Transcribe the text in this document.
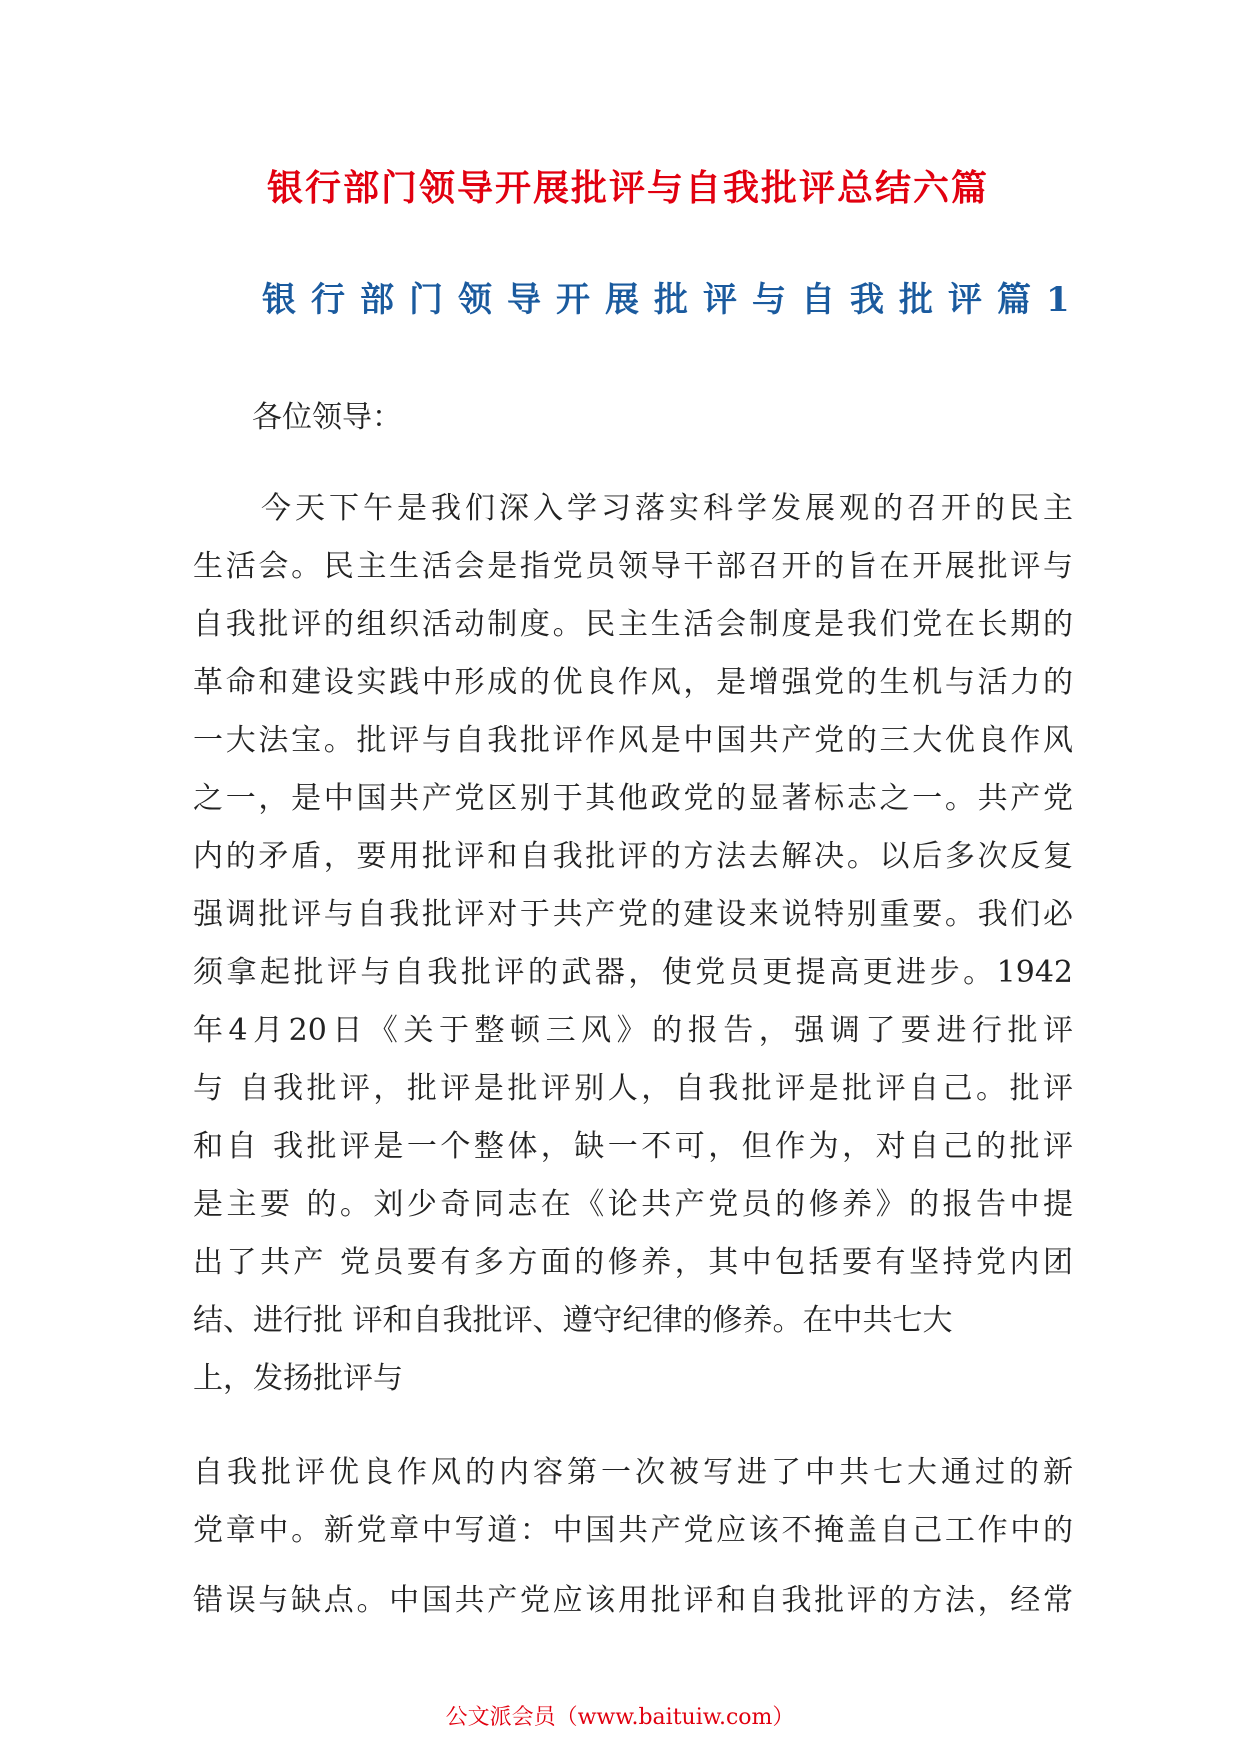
银行部门领导开展批评与自我批评总结六篇
银行部门领导开展批评与自我批评篇1

各位领导：

　　今天下午是我们深入学习落实科学发展观的召开的民主
生活会。民主生活会是指党员领导干部召开的旨在开展批评与
自我批评的组织活动制度。民主生活会制度是我们党在长期的
革命和建设实践中形成的优良作风，是增强党的生机与活力的
一大法宝。批评与自我批评作风是中国共产党的三大优良作风
之一，是中国共产党区别于其他政党的显著标志之一。共产党
内的矛盾，要用批评和自我批评的方法去解决。以后多次反复
强调批评与自我批评对于共产党的建设来说特别重要。我们必
须拿起批评与自我批评的武器，使党员更提高更进步。1942
年4月20日《关于整顿三风》的报告，强调了要进行批评
与 自我批评，批评是批评别人，自我批评是批评自己。批评
和自 我批评是一个整体，缺一不可，但作为，对自己的批评
是主要 的。刘少奇同志在《论共产党员的修养》的报告中提
出了共产 党员要有多方面的修养，其中包括要有坚持党内团
结、进行批 评和自我批评、遵守纪律的修养。在中共七大
上，发扬批评与
自我批评优良作风的内容第一次被写进了中共七大通过的新
党章中。新党章中写道：中国共产党应该不掩盖自己工作中的
错误与缺点。中国共产党应该用批评和自我批评的方法，经常

公文派会员（www.baituiw.com）
